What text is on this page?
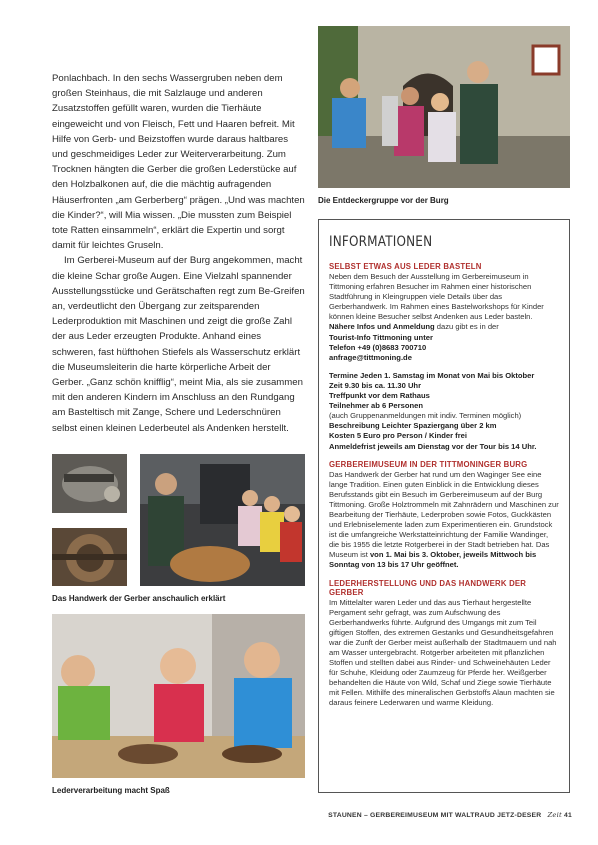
Die Entdeckergruppe vor der Burg

Ponlachbach. In den sechs Wassergruben neben dem großen Steinhaus, die mit Salzlauge und anderen Zusatzstoffen gefüllt waren, wurden die Tierhäute eingeweicht und von Fleisch, Fett und Haaren befreit. Mit Hilfe von Gerb- und Beizstoffen wurde daraus haltbares und geschmeidiges Leder zur Weiterverarbeitung. Zum Trocknen hängten die Gerber die großen Lederstücke auf den Holzbalkonen auf, die die mächtig aufragenden Häuserfronten „am Gerberberg“ prägen. „Und was machten die Kinder?“, will Mia wissen. „Die mussten zum Beispiel tote Ratten einsammeln“, erklärt die Expertin und sorgt damit für leichtes Gruseln.

Im Gerberei-Museum auf der Burg angekommen, macht die kleine Schar große Augen. Eine Vielzahl spannender Ausstellungsstücke und Gerätschaften regt zum Be-Greifen an, verdeutlicht den Übergang zur zeitsparenden Lederproduktion mit Maschinen und zeigt die große Zahl der aus Leder erzeugten Produkte. Anhand eines schweren, fast hüfthohen Stiefels als Wasserschutz erklärt die Museumsleiterin die harte körperliche Arbeit der Gerber. „Ganz schön knifflig“, meint Mia, als sie zusammen mit den anderen Kindern im Anschluss an den Rundgang am Basteltisch mit Zange, Schere und Lederschnüren selbst einen kleinen Lederbeutel als Andenken herstellt.

Das Handwerk der Gerber anschaulich erklärt
Lederverarbeitung macht Spaß
INFORMATIONEN
SELBST ETWAS AUS LEDER BASTELN

Neben dem Besuch der Ausstellung im Gerbereimuseum in Tittmoning erfahren Besucher im Rahmen einer historischen Stadtführung in Kleingruppen viele Details über das Gerberhandwerk. Im Rahmen eines Bastelworkshops für Kinder können kleine Besucher selbst Andenken aus Leder basteln. Nähere Infos und Anmeldung dazu gibt es in der

Tourist-Info Tittmoning unter

Telefon +49 (0)8683 700710

anfrage@tittmoning.de

Termine Jeden 1. Samstag im Monat von Mai bis Oktober

Zeit 9.30 bis ca. 11.30 Uhr

Treffpunkt vor dem Rathaus

Teilnehmer ab 6 Personen

(auch Gruppenanmeldungen mit indiv. Terminen möglich)

Beschreibung Leichter Spaziergang über 2 km

Kosten 5 Euro pro Person / Kinder frei

Anmeldefrist jeweils am Dienstag vor der Tour bis 14 Uhr.

GERBEREIMUSEUM IN DER TITTMONINGER BURG

Das Handwerk der Gerber hat rund um den Waginger See eine lange Tradition. Einen guten Einblick in die Entwicklung dieses Berufsstands gibt ein Besuch im Gerbereimuseum auf der Burg Tittmoning. Große Holztrommeln mit Zahnrädern und Maschinen zur Bearbeitung der Tierhäute, Lederproben sowie Fotos, Guckkästen und Erlebniselemente laden zum Experimentieren ein. Grundstock ist die umfangreiche Werkstatteinrichtung der Familie Wandinger, die bis 1955 die letzte Rotgerberei in der Stadt betrieben hat. Das Museum ist von 1. Mai bis 3. Oktober, jeweils Mittwoch bis Sonntag von 13 bis 17 Uhr geöffnet.

LEDERHERSTELLUNG UND DAS HANDWERK DER GERBER

Im Mittelalter waren Leder und das aus Tierhaut hergestellte Pergament sehr gefragt, was zum Aufschwung des Gerberhandwerks führte. Aufgrund des Umgangs mit zum Teil giftigen Stoffen, des extremen Gestanks und Gesundheitsgefahren war die Zunft der Gerber meist außerhalb der Stadtmauern und nah am Wasser untergebracht. Rotgerber arbeiteten mit pflanzlichen Stoffen und stellten dabei aus Rinder- und Schweinehäuten Leder für Schuhe, Kleidung oder Zaumzeug für Pferde her. Weißgerber behandelten die Häute von Wild, Schaf und Ziege sowie Tierhäute mit Fellen. Mithilfe des mineralischen Gerbstoffs Alaun machten sie daraus feinere Lederwaren und warme Kleidung.

STAUNEN – GERBEREIMUSEUM MIT WALTRAUD JETZ-DESER Zeit 41
